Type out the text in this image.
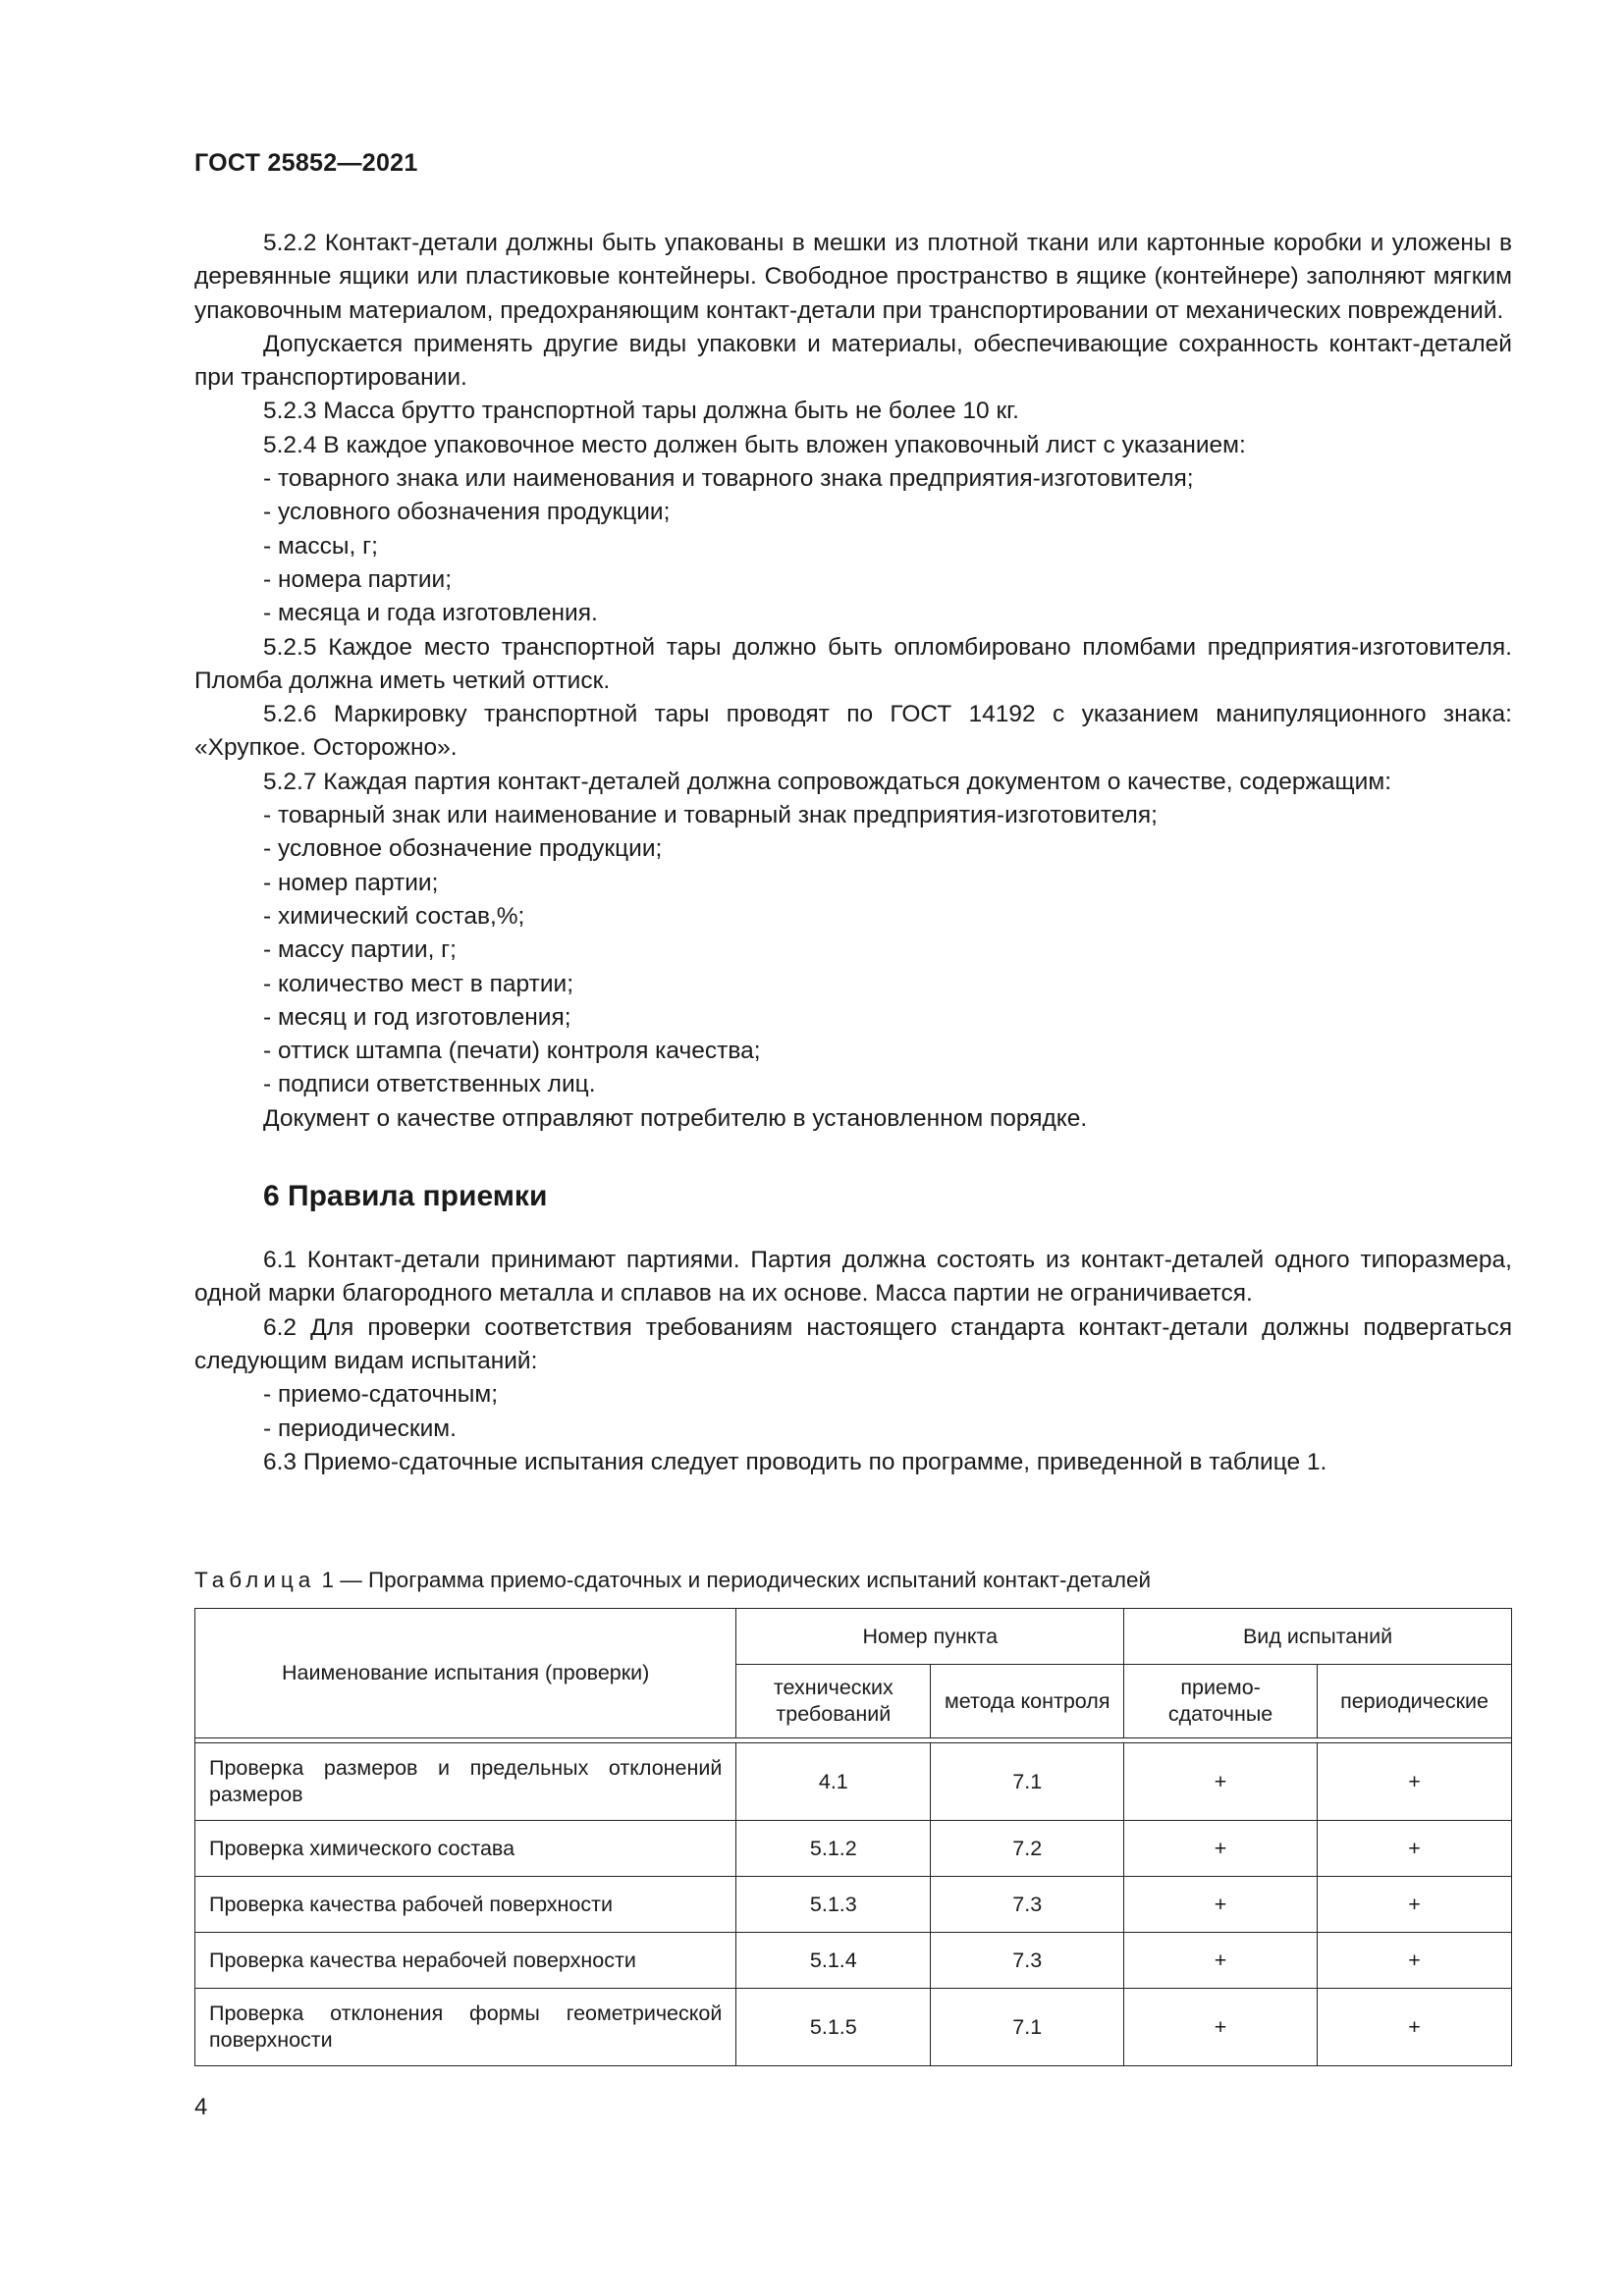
ГОСТ 25852—2021
5.2.2 Контакт-детали должны быть упакованы в мешки из плотной ткани или картонные коробки и уложены в деревянные ящики или пластиковые контейнеры. Свободное пространство в ящике (контейнере) заполняют мягким упаковочным материалом, предохраняющим контакт-детали при транспортировании от механических повреждений.
Допускается применять другие виды упаковки и материалы, обеспечивающие сохранность контакт-деталей при транспортировании.
5.2.3 Масса брутто транспортной тары должна быть не более 10 кг.
5.2.4 В каждое упаковочное место должен быть вложен упаковочный лист с указанием:
- товарного знака или наименования и товарного знака предприятия-изготовителя;
- условного обозначения продукции;
- массы, г;
- номера партии;
- месяца и года изготовления.
5.2.5 Каждое место транспортной тары должно быть опломбировано пломбами предприятия-изготовителя. Пломба должна иметь четкий оттиск.
5.2.6 Маркировку транспортной тары проводят по ГОСТ 14192 с указанием манипуляционного знака: «Хрупкое. Осторожно».
5.2.7 Каждая партия контакт-деталей должна сопровождаться документом о качестве, содержащим:
- товарный знак или наименование и товарный знак предприятия-изготовителя;
- условное обозначение продукции;
- номер партии;
- химический состав,%;
- массу партии, г;
- количество мест в партии;
- месяц и год изготовления;
- оттиск штампа (печати) контроля качества;
- подписи ответственных лиц.
Документ о качестве отправляют потребителю в установленном порядке.
6 Правила приемки
6.1 Контакт-детали принимают партиями. Партия должна состоять из контакт-деталей одного типоразмера, одной марки благородного металла и сплавов на их основе. Масса партии не ограничивается.
6.2 Для проверки соответствия требованиям настоящего стандарта контакт-детали должны подвергаться следующим видам испытаний:
- приемо-сдаточным;
- периодическим.
6.3 Приемо-сдаточные испытания следует проводить по программе, приведенной в таблице 1.
Таблица 1 — Программа приемо-сдаточных и периодических испытаний контакт-деталей
Наименование испытания (проверки)	Номер пункта		Вид испытаний	
	технических требований	метода контроля	приемо-сдаточные	периодические

Проверка размеров и предельных отклонений размеров	4.1	7.1	+	+
Проверка химического состава	5.1.2	7.2	+	+
Проверка качества рабочей поверхности	5.1.3	7.3	+	+
Проверка качества нерабочей поверхности	5.1.4	7.3	+	+
Проверка отклонения формы геометрической поверхности	5.1.5	7.1	+	+
4
